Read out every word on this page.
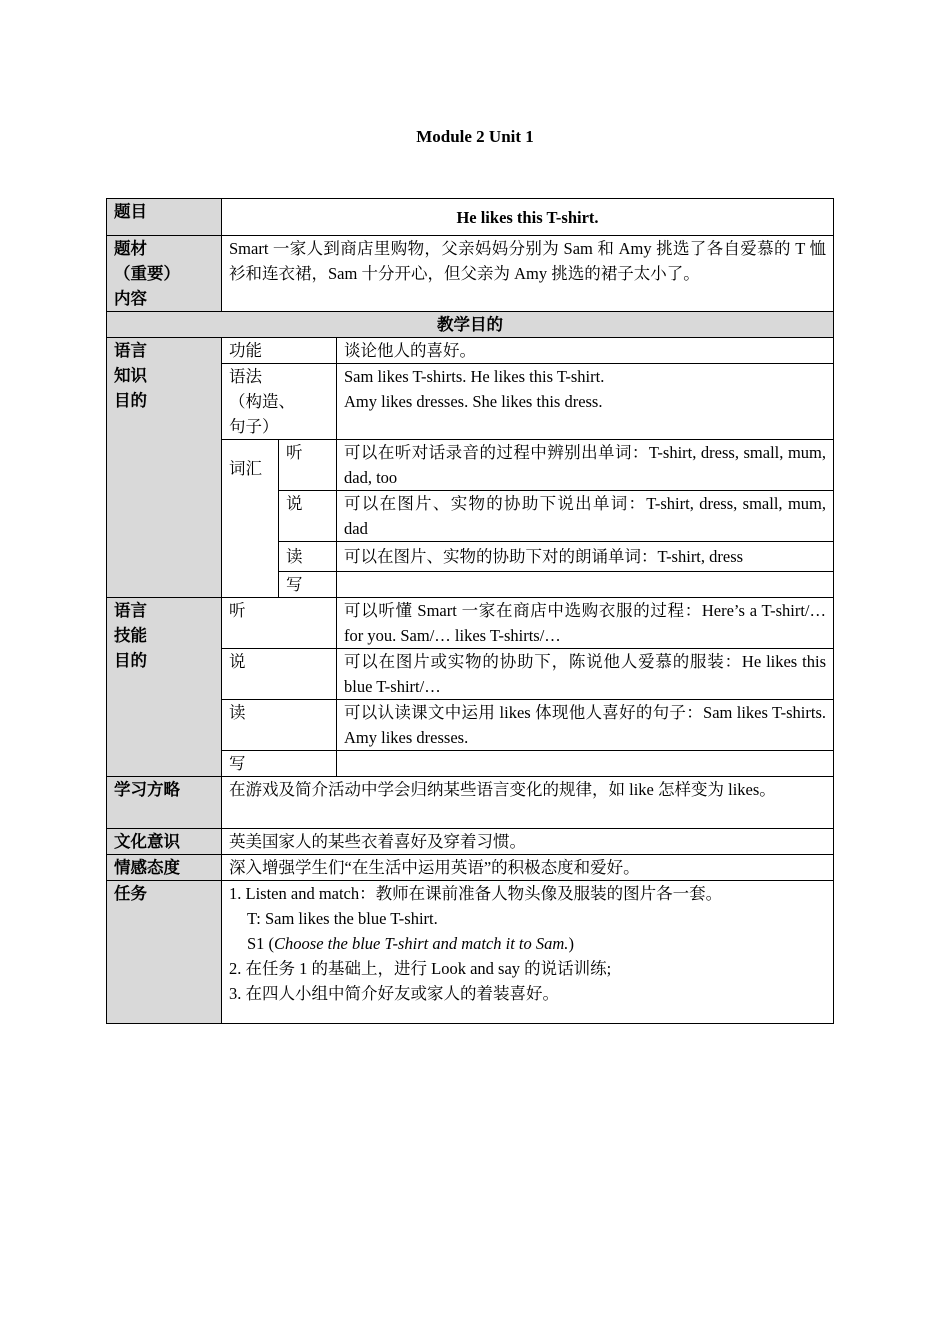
Module 2 Unit 1
题目	He likes this T-shirt.		

题材
（重要）
内容	Smart 一家人到商店里购物，父亲妈妈分别为 Sam 和 Amy 挑选了各自爱慕的 T 恤衫和连衣裙，Sam 十分开心，但父亲为 Amy 挑选的裙子太小了。		
教学目的			

语言
知识
目的	功能		谈论他人的喜好。

	语法
（构造、
句子）		Sam likes T-shirts. He likes this T-shirt.
Amy likes dresses. She likes this dress.

	词汇	听	可以在听对话录音的过程中辨别出单词：T-shirt, dress, small, mum, dad, too
		说	可以在图片、实物的协助下说出单词：T-shirt, dress, small, mum, dad
		读	可以在图片、实物的协助下对的朗诵单词：T-shirt, dress
		写	

语言
技能
目的	听		可以听懂 Smart 一家在商店中选购衣服的过程：Here’s a T-shirt/… for you. Sam/… likes T-shirts/…
	说		可以在图片或实物的协助下，陈说他人爱慕的服装：He likes this blue T-shirt/…
	读		可以认读课文中运用 likes 体现他人喜好的句子：Sam likes T-shirts. Amy likes dresses.
	写		
学习方略	在游戏及简介活动中学会归纳某些语言变化的规律，如 like 怎样变为 likes。		
文化意识	英美国家人的某些衣着喜好及穿着习惯。		
情感态度	深入增强学生们“在生活中运用英语”的积极态度和爱好。		
任务	1. Listen and match：教师在课前准备人物头像及服装的图片各一套。
T: Sam likes the blue T-shirt.
S1 (Choose the blue T-shirt and match it to Sam.)
2. 在任务 1 的基础上，进行 Look and say 的说话训练;
3. 在四人小组中简介好友或家人的着装喜好。		
